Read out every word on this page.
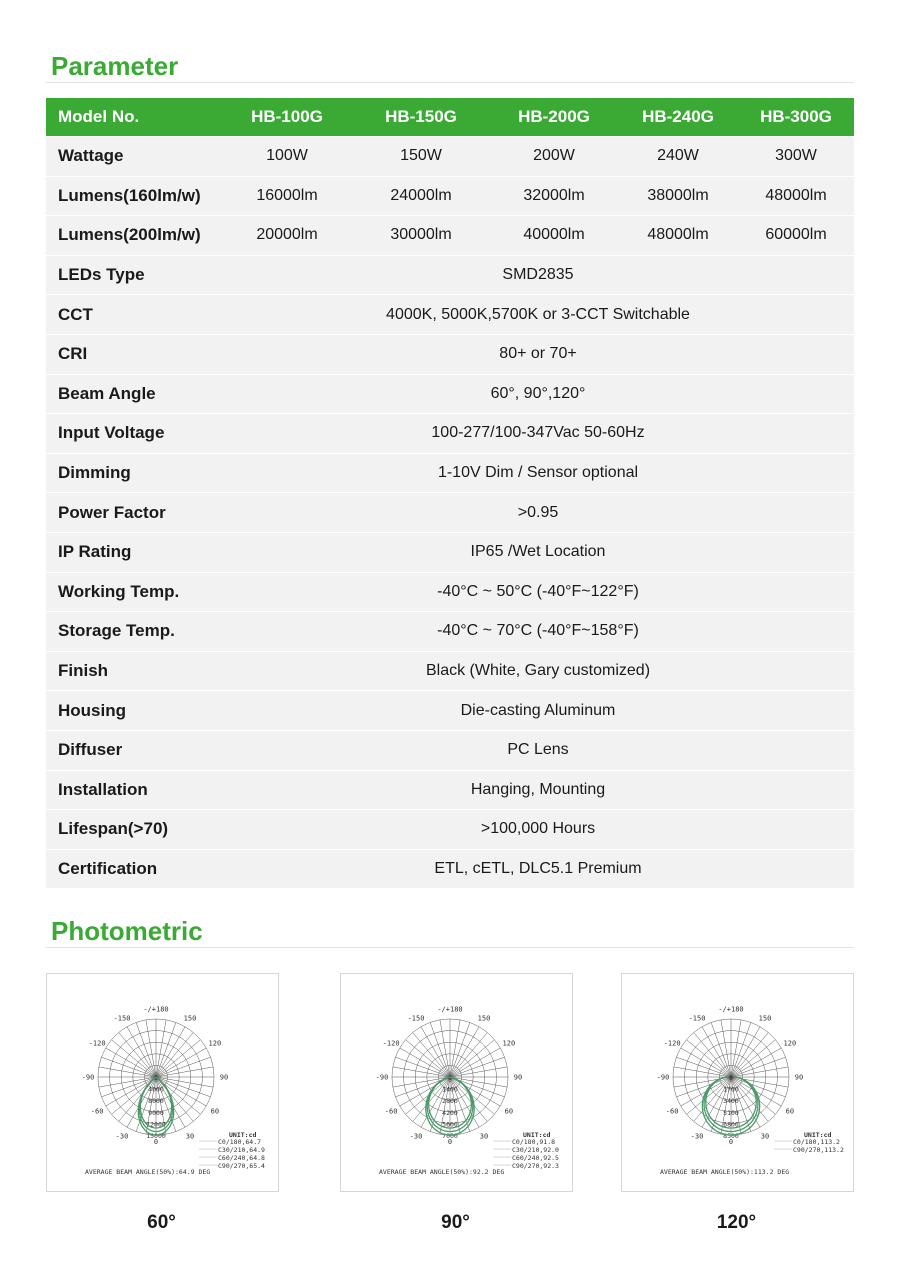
Parameter
Model No.	HB-100G	HB-150G	HB-200G	HB-240G	HB-300G
Wattage	100W	150W	200W	240W	300W
Lumens(160lm/w)	16000lm	24000lm	32000lm	38000lm	48000lm
Lumens(200lm/w)	20000lm	30000lm	40000lm	48000lm	60000lm
LEDs Type	SMD2835				
CCT	4000K, 5000K,5700K or 3-CCT Switchable				
CRI	80+ or 70+				
Beam Angle	60°, 90°,120°				
Input Voltage	100-277/100-347Vac 50-60Hz				
Dimming	1-10V Dim / Sensor optional				
Power Factor	>0.95				
IP Rating	IP65 /Wet Location				
Working Temp.	-40°C ~ 50°C (-40°F~122°F)				
Storage Temp.	-40°C ~ 70°C (-40°F~158°F)				
Finish	Black (White, Gary customized)				
Housing	Die-casting Aluminum				
Diffuser	PC Lens				
Installation	Hanging, Mounting				
Lifespan(>70)	>100,000 Hours				
Certification	ETL, cETL, DLC5.1 Premium				
Photometric
-/+180
-150	150
-120	120
-90	90
-60	60
-30	30
0
4000
8000
9000
12000
15000
0
UNIT:cd
C0/180,64.7
C30/210,64.9
C60/240,64.8
C90/270,65.4
AVERAGE BEAM ANGLE(50%):64.9 DEG
-/+180
-150	150
-120	120
-90	90
-60	60
-30	30
0
1400
2800
4200
5600
7000
0
UNIT:cd
C0/180,91.8
C30/210,92.0
C60/240,92.5
C90/270,92.3
AVERAGE BEAM ANGLE(50%):92.2 DEG
-/+180
-150	150
-120	120
-90	90
-60	60
-30	30
0
1700
3400
5100
6800
8500
0
UNIT:cd
C0/180,113.2
C90/270,113.2
AVERAGE BEAM ANGLE(50%):113.2 DEG
60°	90°	120°
